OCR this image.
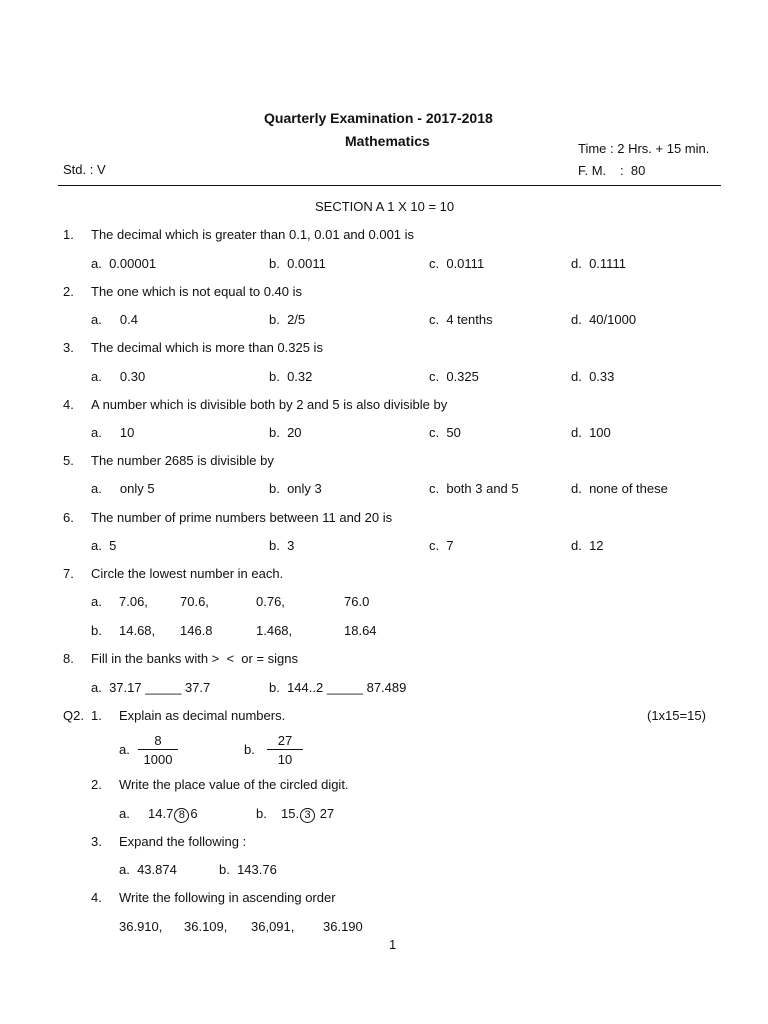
Quarterly Examination - 2017-2018
Mathematics	Time : 2 Hrs. + 15 min.
Std. : V	F. M. :  80
SECTION A 1 X 10 = 10
1. The decimal which is greater than 0.1, 0.01 and 0.001 is
a.  0.00001	b.  0.0011	c.  0.0111	d.  0.1111
2. The one which is not equal to 0.40 is
a.     0.4	b.  2/5	c.  4 tenths	d.  40/1000
3. The decimal which is more than 0.325 is
a.     0.30	b.  0.32	c.  0.325	d.  0.33
4. A number which is divisible both by 2 and 5 is also divisible by
a.     10	b.  20	c.  50	d.  100
5. The number 2685 is divisible by
a.     only 5	b.  only 3	c.  both 3 and 5	d.  none of these
6. The number of prime numbers between 11 and 20 is
a.  5	b.  3	c.  7	d.  12
7. Circle the lowest number in each.
a. 7.06, 70.6,	0.76,	76.0
b. 14.68, 146.8	1.468,	18.64
8. Fill in the banks with >  <  or = signs
a.  37.17 _____ 37.7	b.  144..2 _____ 87.489
Q2. 1. Explain as decimal numbers.	(1x15=15)
a.
8
1000
b.
27
10
2. Write the place value of the circled digit.
a. 14.7 8 6	b. 15. 3 27
3. Expand the following :
a.  43.874	b.  143.76
4. Write the following in ascending order
36.910, 36.109, 36,091, 36.190
1
